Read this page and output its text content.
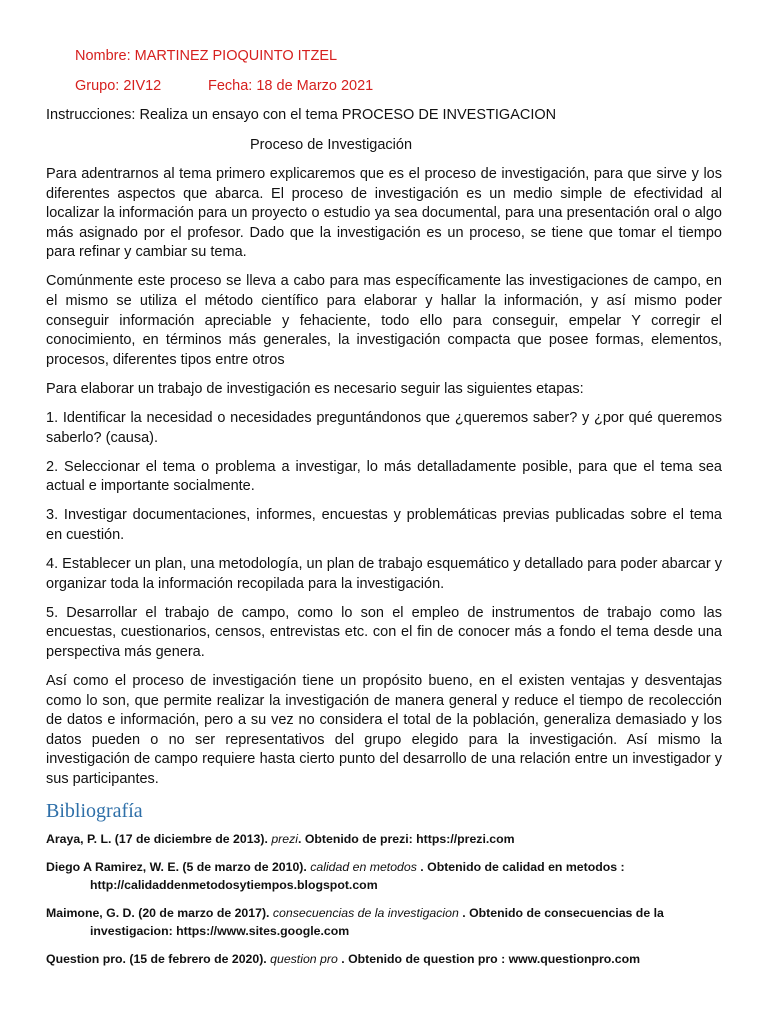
Nombre: MARTINEZ PIOQUINTO ITZEL
Grupo: 2IV12	Fecha: 18 de Marzo 2021
Instrucciones: Realiza un ensayo con el tema PROCESO DE INVESTIGACION
Proceso de Investigación

Para adentrarnos al tema primero explicaremos que es el proceso de investigación, para que sirve y los diferentes aspectos que abarca. El proceso de investigación es un medio simple de efectividad al localizar la información para un proyecto o estudio ya sea documental, para una presentación oral o algo más asignado por el profesor. Dado que la investigación es un proceso, se tiene que tomar el tiempo para refinar y cambiar su tema.

Comúnmente este proceso se lleva a cabo para mas específicamente las investigaciones de campo, en el mismo se utiliza el método científico para elaborar y hallar la información, y así mismo poder conseguir información apreciable y fehaciente, todo ello para conseguir, empelar Y corregir el conocimiento, en términos más generales, la investigación compacta que posee formas, elementos, procesos, diferentes tipos entre otros

Para elaborar un trabajo de investigación es necesario seguir las siguientes etapas:

1. Identificar la necesidad o necesidades preguntándonos que ¿queremos saber? y ¿por qué queremos saberlo? (causa).

2. Seleccionar el tema o problema a investigar, lo más detalladamente posible, para que el tema sea actual e importante socialmente.

3. Investigar documentaciones, informes, encuestas y problemáticas previas publicadas sobre el tema en cuestión.

4. Establecer un plan, una metodología, un plan de trabajo esquemático y detallado para poder abarcar y organizar toda la información recopilada para la investigación.

5. Desarrollar el trabajo de campo, como lo son el empleo de instrumentos de trabajo como las encuestas, cuestionarios, censos, entrevistas etc. con el fin de conocer más a fondo el tema desde una perspectiva más genera.

Así como el proceso de investigación tiene un propósito bueno, en el existen ventajas y desventajas como lo son, que permite realizar la investigación de manera general y reduce el tiempo de recolección de datos e información, pero a su vez no considera el total de la población, generaliza demasiado y los datos pueden o no ser representativos del grupo elegido para la investigación. Así mismo la investigación de campo requiere hasta cierto punto del desarrollo de una relación entre un investigador y sus participantes.

Bibliografía

Araya, P. L. (17 de diciembre de 2013). prezi. Obtenido de prezi: https://prezi.com

Diego A Ramirez, W. E. (5 de marzo de 2010). calidad en metodos . Obtenido de calidad en metodos : http://calidaddenmetodosytiempos.blogspot.com

Maimone, G. D. (20 de marzo de 2017). consecuencias de la investigacion . Obtenido de consecuencias de la investigacion: https://www.sites.google.com

Question pro. (15 de febrero de 2020). question pro . Obtenido de question pro : www.questionpro.com
